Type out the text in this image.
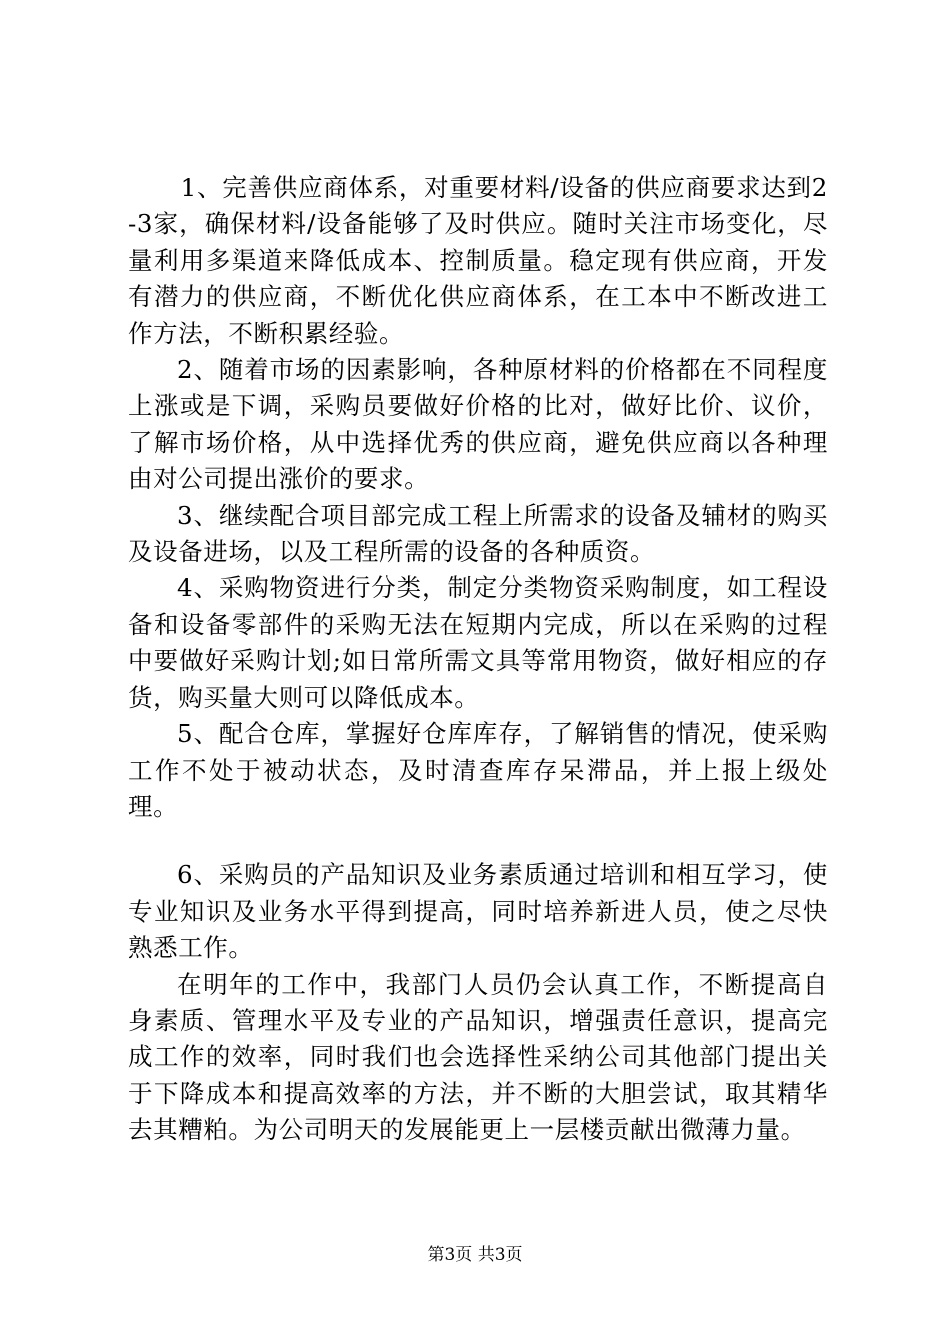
1、完善供应商体系，对重要材料/设备的供应商要求达到2-3家，确保材料/设备能够了及时供应。随时关注市场变化，尽量利用多渠道来降低成本、控制质量。稳定现有供应商，开发有潜力的供应商，不断优化供应商体系，在工本中不断改进工作方法，不断积累经验。

2、随着市场的因素影响，各种原材料的价格都在不同程度上涨或是下调，采购员要做好价格的比对，做好比价、议价，了解市场价格，从中选择优秀的供应商，避免供应商以各种理由对公司提出涨价的要求。

3、继续配合项目部完成工程上所需求的设备及辅材的购买及设备进场，以及工程所需的设备的各种质资。

4、采购物资进行分类，制定分类物资采购制度，如工程设备和设备零部件的采购无法在短期内完成，所以在采购的过程中要做好采购计划;如日常所需文具等常用物资，做好相应的存货，购买量大则可以降低成本。

5、配合仓库，掌握好仓库库存，了解销售的情况，使采购工作不处于被动状态，及时清查库存呆滞品，并上报上级处理。

6、采购员的产品知识及业务素质通过培训和相互学习，使专业知识及业务水平得到提高，同时培养新进人员，使之尽快熟悉工作。

在明年的工作中，我部门人员仍会认真工作，不断提高自身素质、管理水平及专业的产品知识，增强责任意识，提高完成工作的效率，同时我们也会选择性采纳公司其他部门提出关于下降成本和提高效率的方法，并不断的大胆尝试，取其精华去其糟粕。为公司明天的发展能更上一层楼贡献出微薄力量。

第3页 共3页
